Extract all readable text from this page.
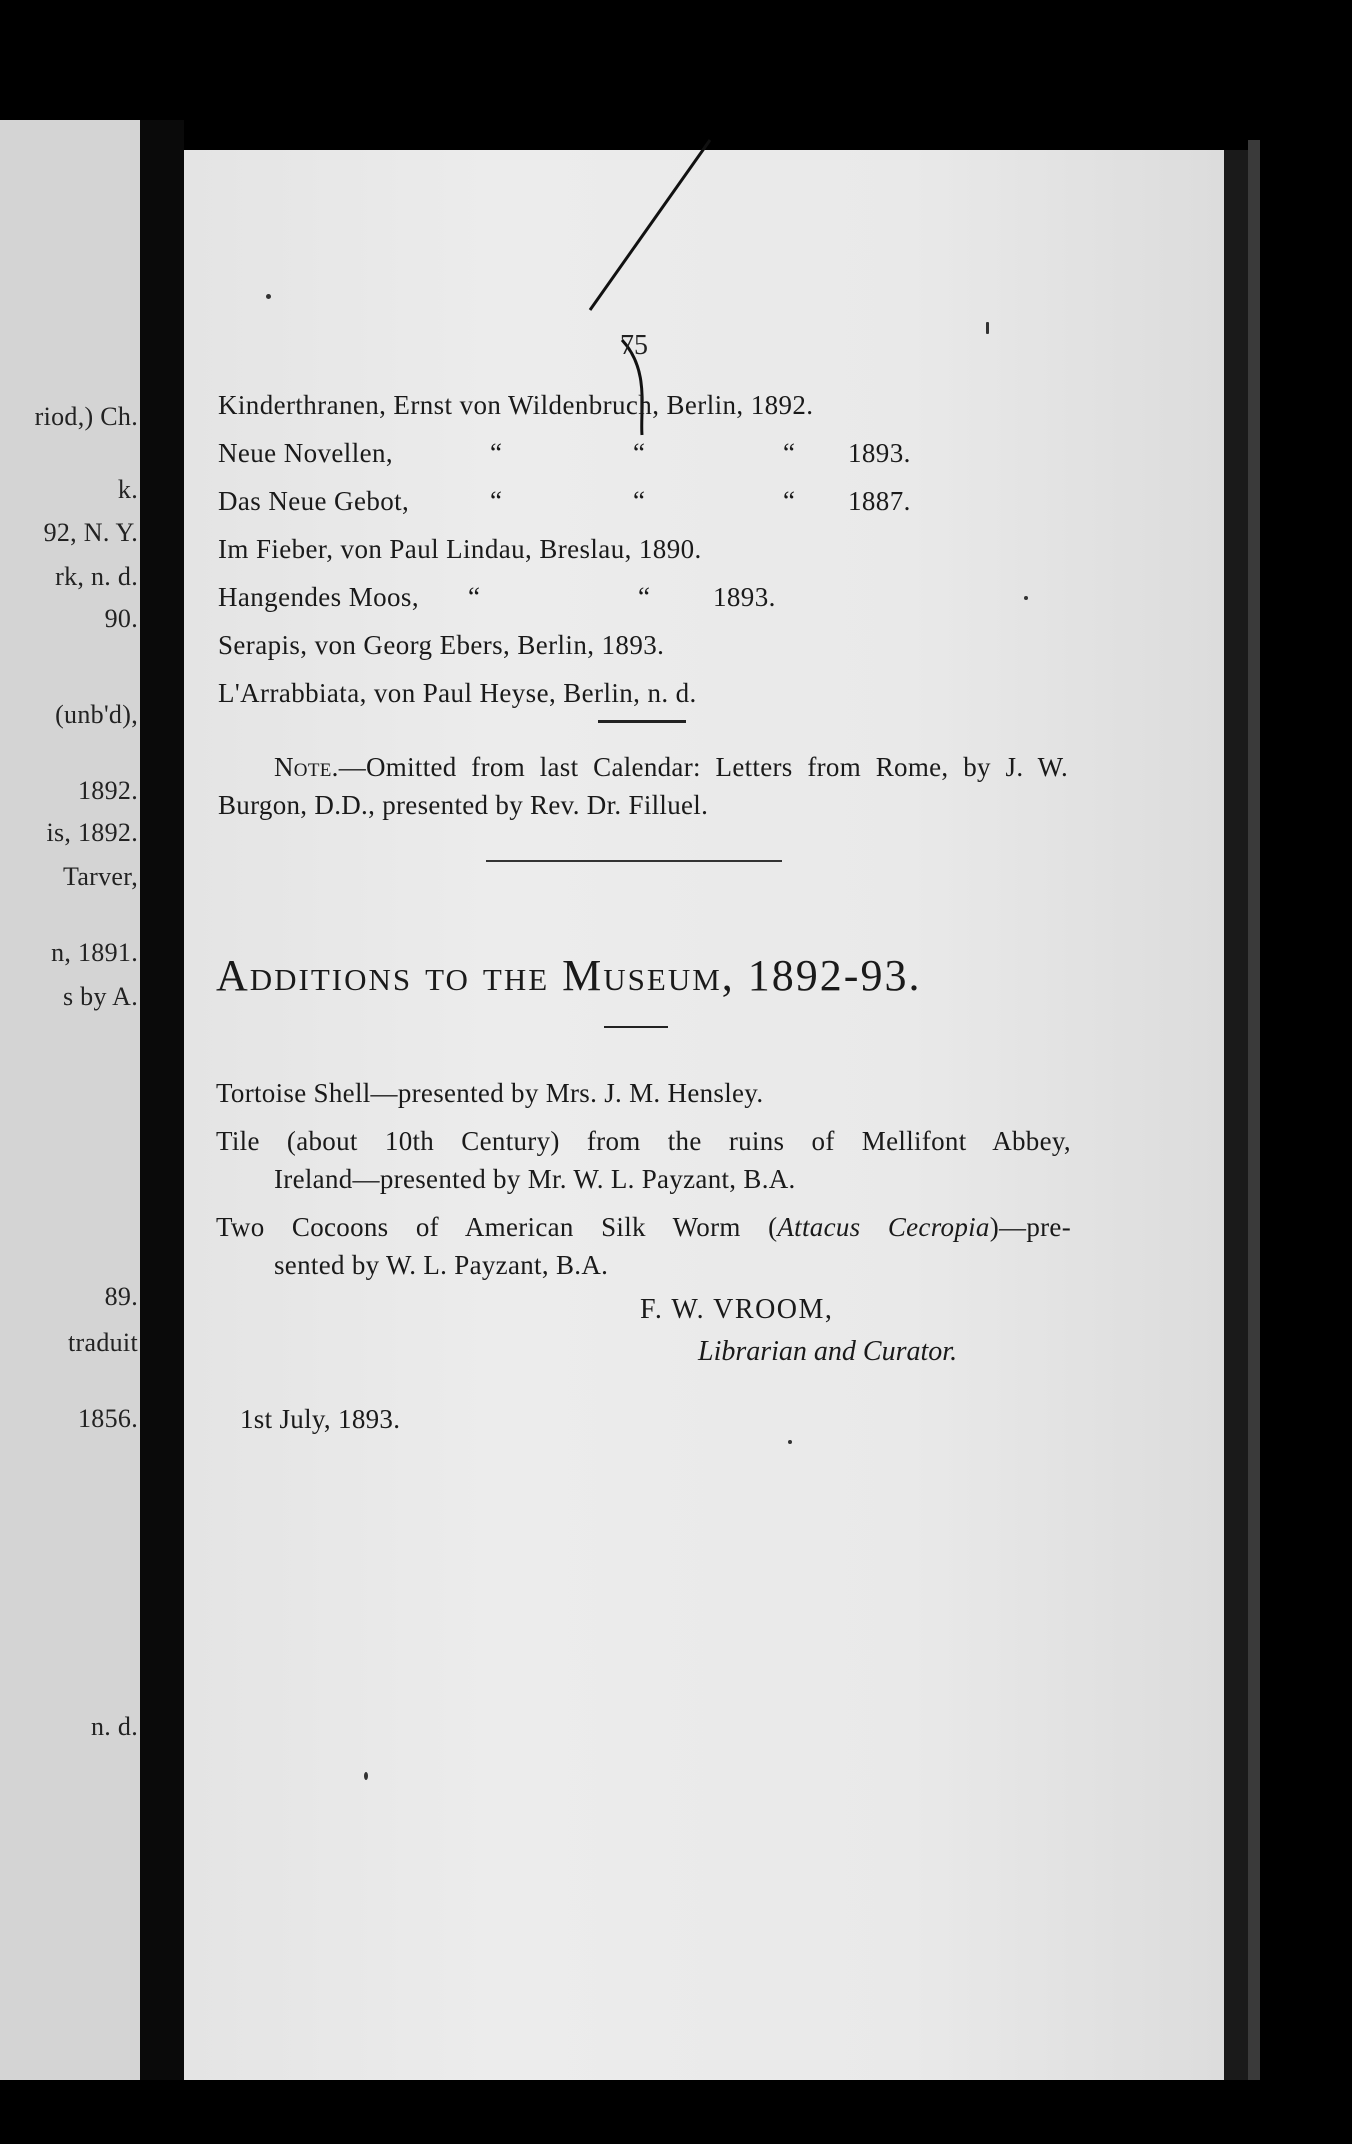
riod,) Ch.
k.
92, N. Y.
rk, n. d.
90.
(unb'd),
1892.
is, 1892.
Tarver,
n, 1891.
s by A.
89.
traduit
1856.
n. d.
75
Kinderthranen, Ernst von Wildenbruch, Berlin, 1892.
Neue Novellen,	“	“	“ 1893.
Das Neue Gebot,	“	“	“ 1887.
Im Fieber, von Paul Lindau, Breslau, 1890.
Hangendes Moos, “	“ 1893.
Serapis, von Georg Ebers, Berlin, 1893.
L'Arrabbiata, von Paul Heyse, Berlin, n. d.

Note.—Omitted from last Calendar: Letters from Rome, by J. W. Burgon, D.D., presented by Rev. Dr. Filluel.

Additions to the Museum, 1892-93.
Tortoise Shell—presented by Mrs. J. M. Hensley.
Tile (about 10th Century) from the ruins of Mellifont Abbey,
Ireland—presented by Mr. W. L. Payzant, B.A.
Two Cocoons of American Silk Worm (Attacus Cecropia)—pre-
sented by W. L. Payzant, B.A.
F. W. VROOM,
Librarian and Curator.
1st July, 1893.
